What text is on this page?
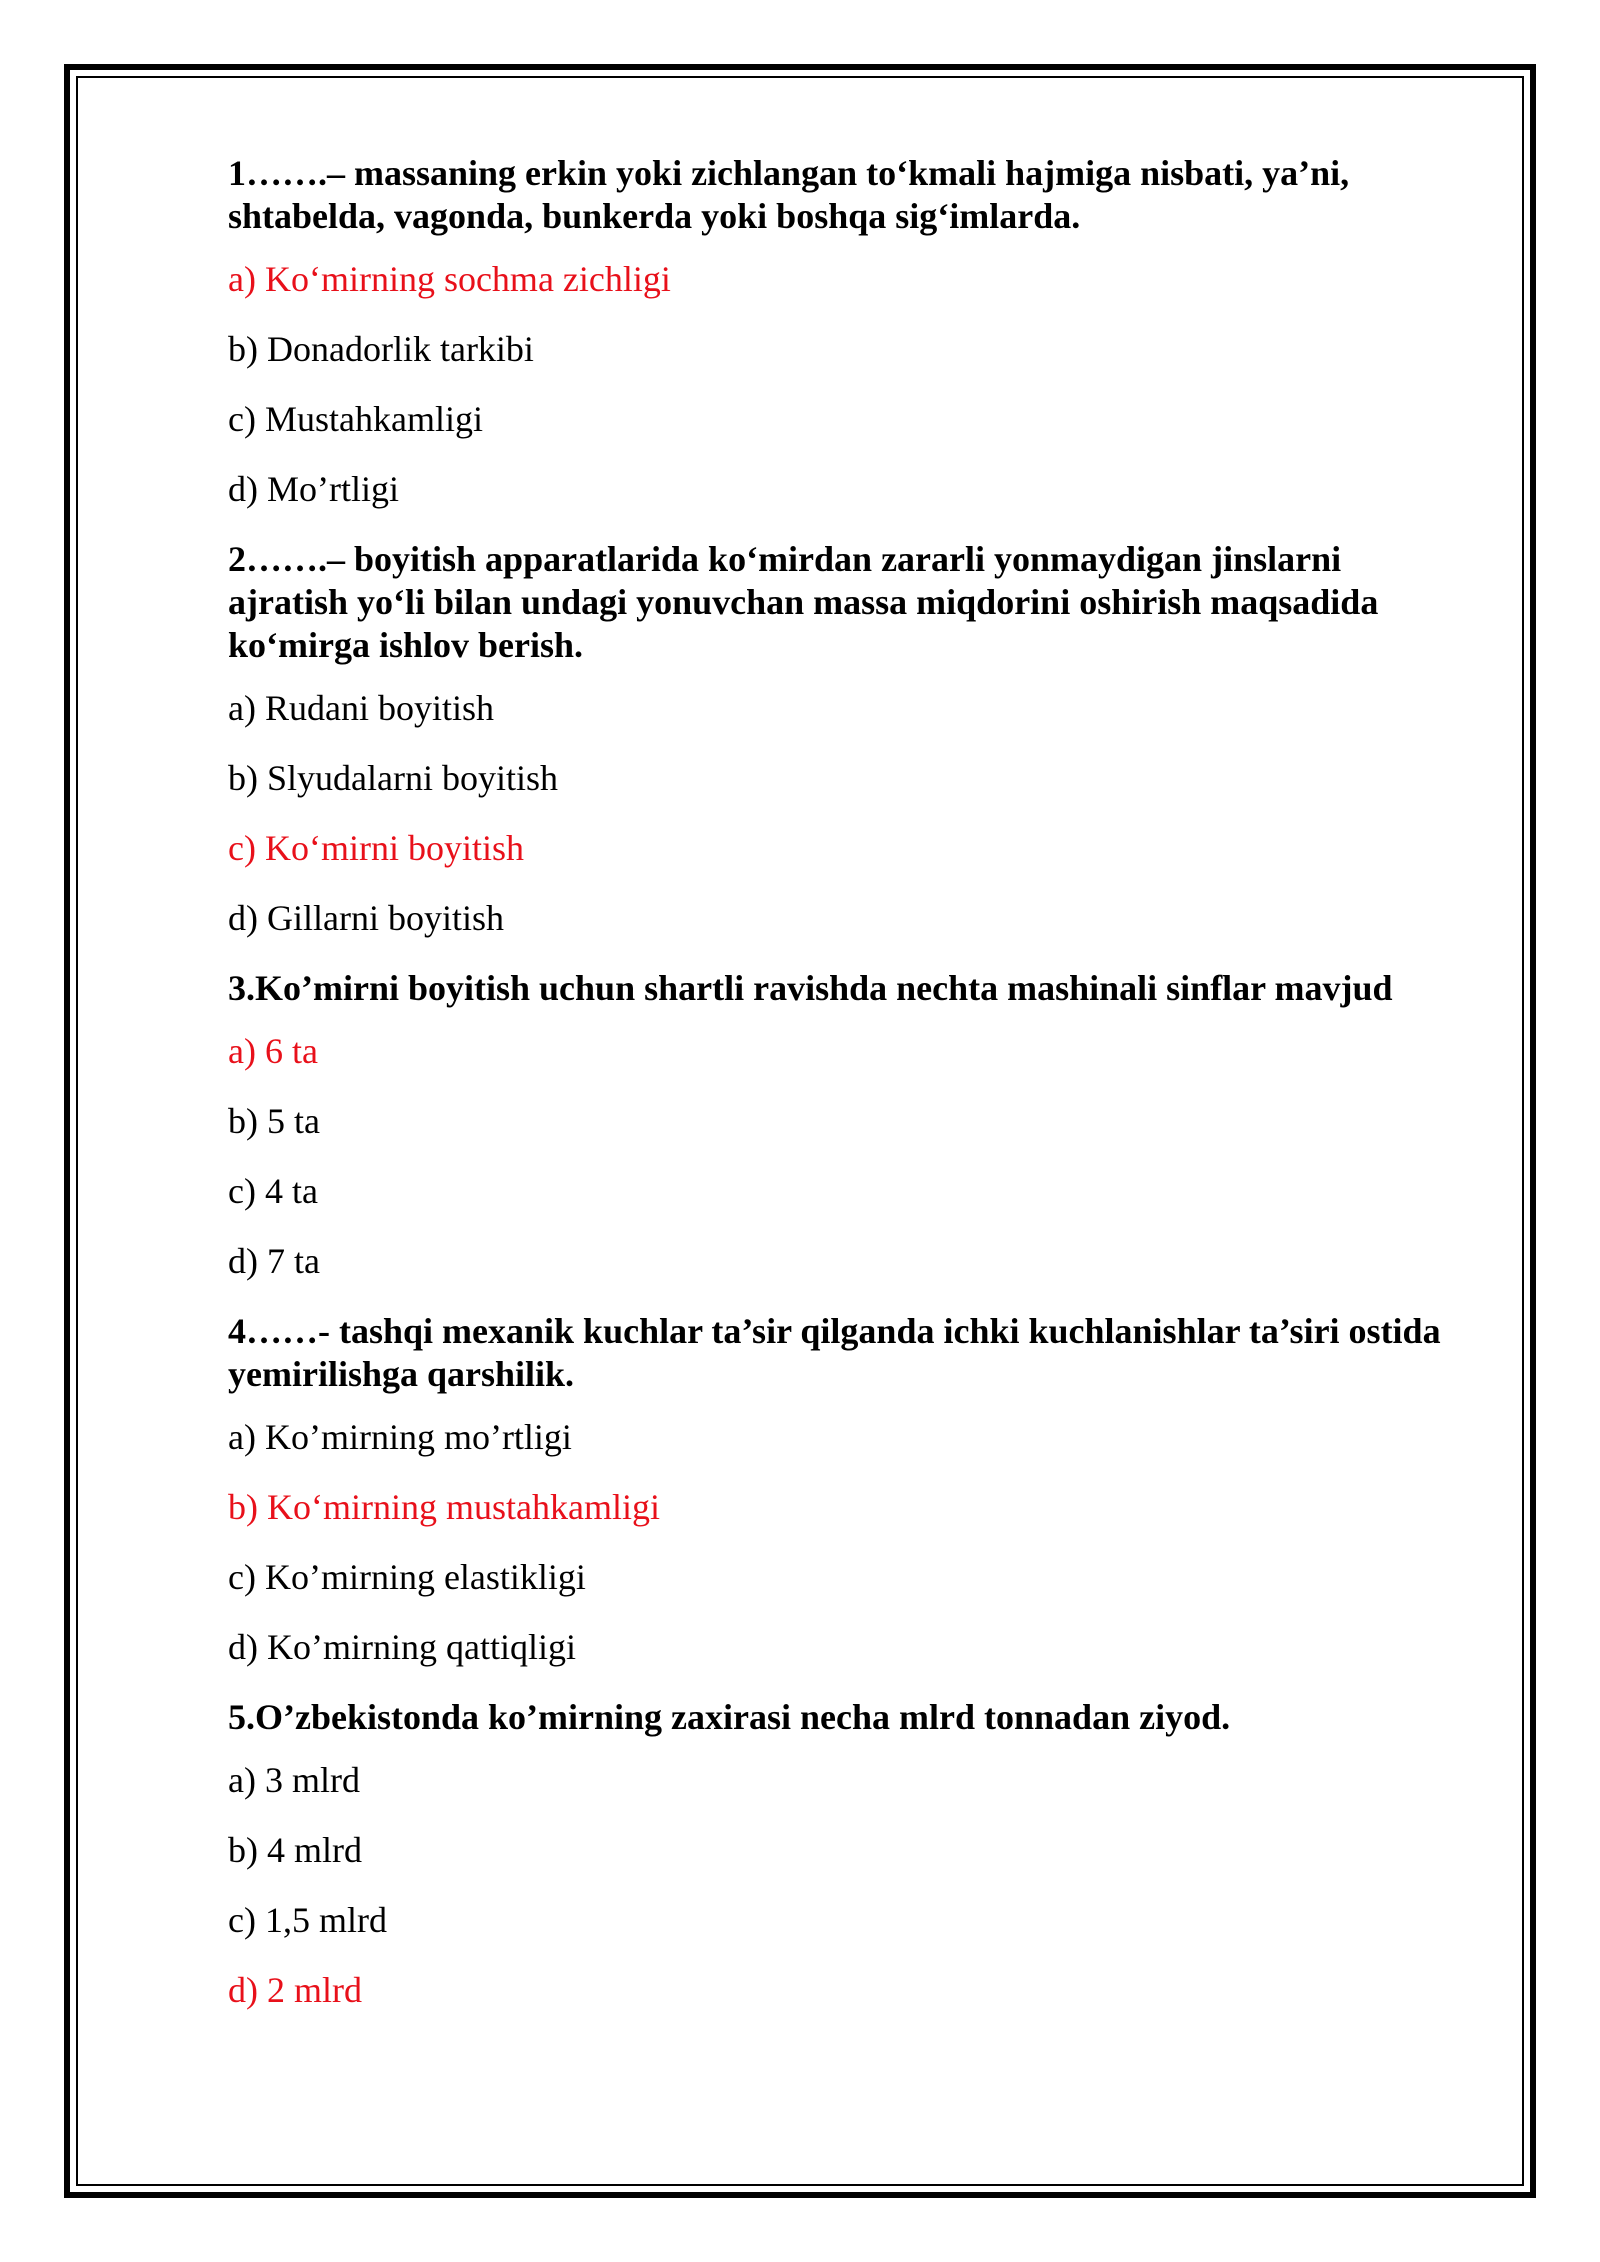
1…….– massaning erkin yoki zichlangan to‘kmali hajmiga nisbati, ya’ni, shtabelda, vagonda, bunkerda yoki boshqa sig‘imlarda.

a) Ko‘mirning sochma zichligi

b) Donadorlik tarkibi

c) Mustahkamligi

d) Mo’rtligi

2…….– boyitish apparatlarida ko‘mirdan zararli yonmaydigan jinslarni ajratish yo‘li bilan undagi yonuvchan massa miqdorini oshirish maqsadida ko‘mirga ishlov berish.

a) Rudani boyitish

b) Slyudalarni boyitish

c) Ko‘mirni boyitish

d) Gillarni boyitish

3.Ko’mirni boyitish uchun shartli ravishda nechta mashinali sinflar mavjud

a) 6 ta

b) 5 ta

c) 4 ta

d) 7 ta

4……- tashqi mexanik kuchlar ta’sir qilganda ichki kuchlanishlar ta’siri ostida yemirilishga qarshilik.

a) Ko’mirning mo’rtligi

b) Ko‘mirning mustahkamligi

c) Ko’mirning elastikligi

d) Ko’mirning qattiqligi

5.O’zbekistonda ko’mirning zaxirasi necha mlrd tonnadan ziyod.

a) 3 mlrd

b) 4 mlrd

c) 1,5 mlrd

d) 2 mlrd
